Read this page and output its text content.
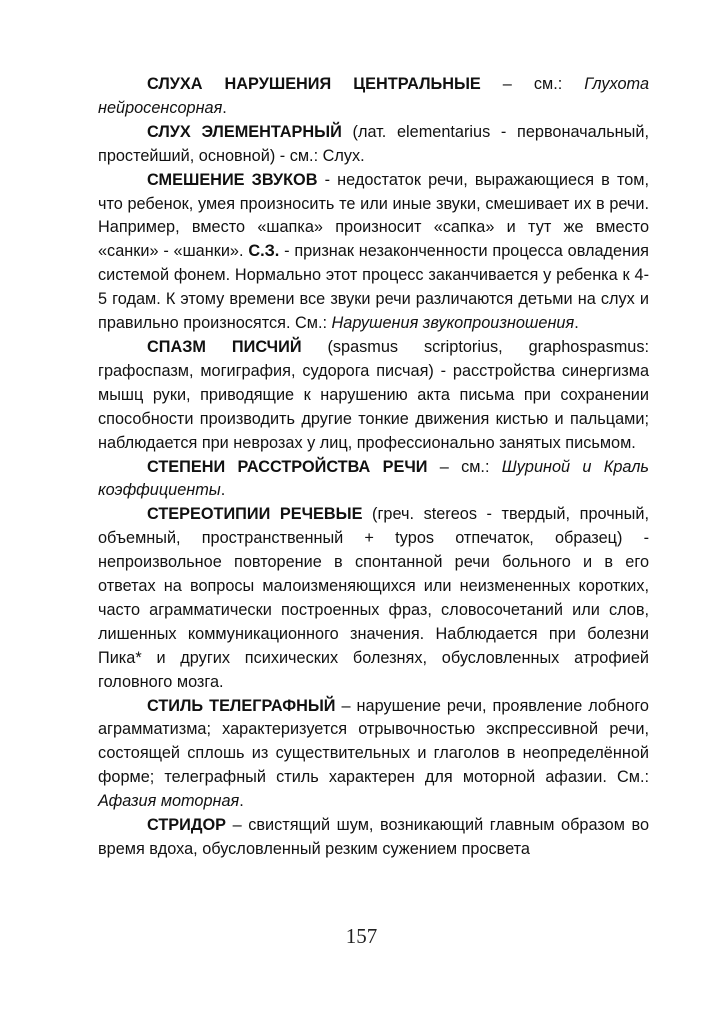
СЛУХА НАРУШЕНИЯ ЦЕНТРАЛЬНЫЕ – см.: Глухота нейросенсорная.

СЛУХ ЭЛЕМЕНТАРНЫЙ (лат. elementarius - первоначальный, простейший, основной) - см.: Слух.

СМЕШЕНИЕ ЗВУКОВ - недостаток речи, выражающиеся в том, что ребенок, умея произносить те или иные звуки, смешивает их в речи. Например, вместо «шапка» произносит «сапка» и тут же вместо «санки» - «шанки». С.З. - признак незаконченности процесса овладения системой фонем. Нормально этот процесс заканчивается у ребенка к 4-5 годам. К этому времени все звуки речи различаются детьми на слух и правильно произносятся. См.: Нарушения звукопроизношения.

СПАЗМ ПИСЧИЙ (spasmus scriptorius, graphospasmus: графоспазм, могиграфия, судорога писчая) - расстройства синергизма мышц руки, приводящие к нарушению акта письма при сохранении способности производить другие тонкие движения кистью и пальцами; наблюдается при неврозах у лиц, профессионально занятых письмом.

СТЕПЕНИ РАССТРОЙСТВА РЕЧИ – см.: Шуриной и Краль коэффициенты.

СТЕРЕОТИПИИ РЕЧЕВЫЕ (греч. stereos - твердый, прочный, объемный, пространственный + typos отпечаток, образец) - непроизвольное повторение в спонтанной речи больного и в его ответах на вопросы малоизменяющихся или неизмененных коротких, часто аграмматически построенных фраз, словосочетаний или слов, лишенных коммуникационного значения. Наблюдается при болезни Пика* и других психических болезнях, обусловленных атрофией головного мозга.

СТИЛЬ ТЕЛЕГРАФНЫЙ – нарушение речи, проявление лобного аграмматизма; характеризуется отрывочностью экспрессивной речи, состоящей сплошь из существительных и глаголов в неопределённой форме; телеграфный стиль характерен для моторной афазии. См.: Афазия моторная.

СТРИДОР – свистящий шум, возникающий главным образом во время вдоха, обусловленный резким сужением просвета

157
